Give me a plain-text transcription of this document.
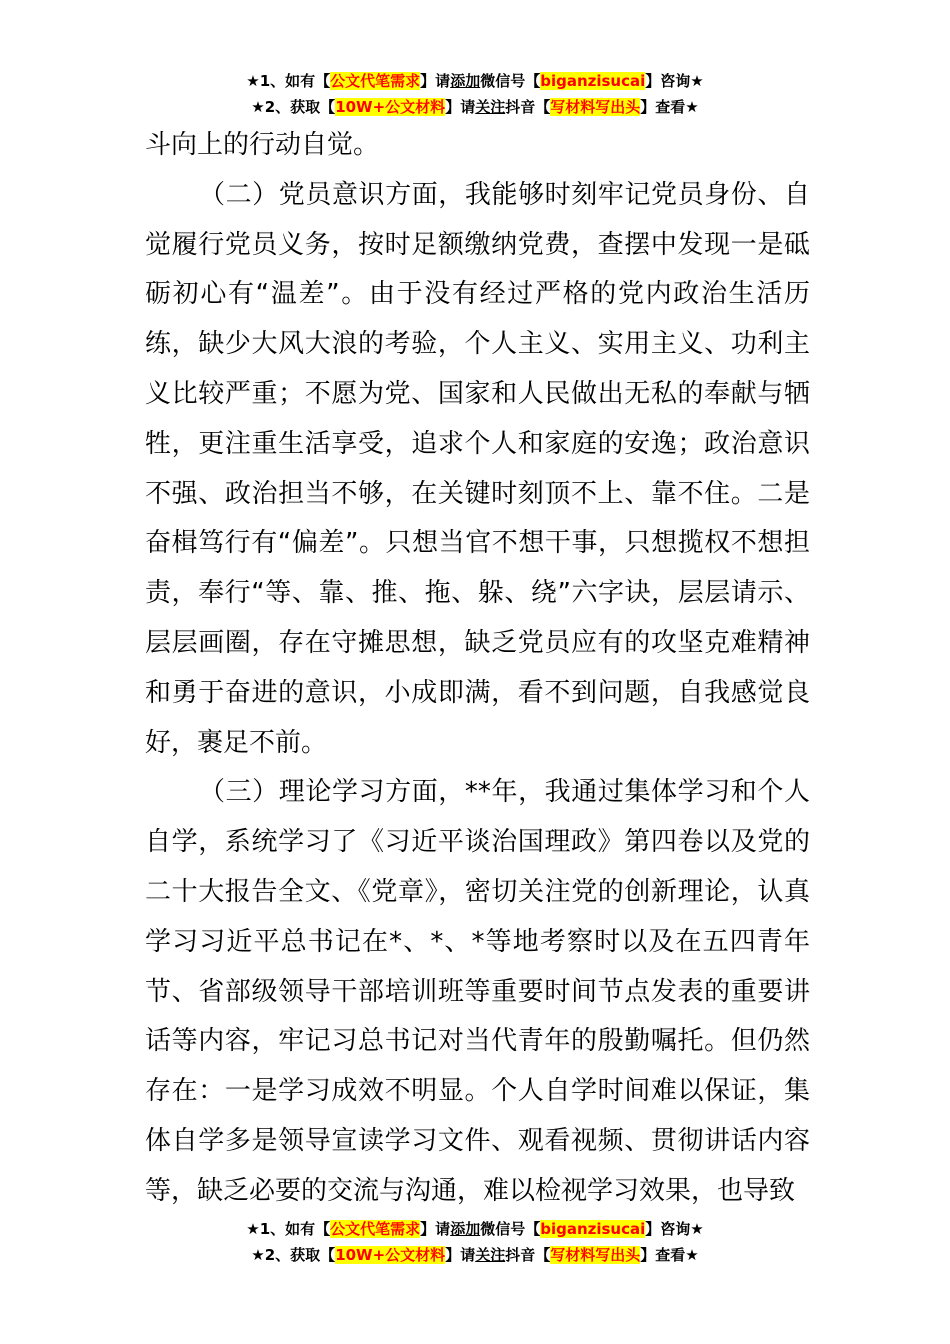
★1、如有【公文代笔需求】请添加微信号【biganzisucai】咨询★
★2、获取【10W+公文材料】请关注抖音【写材料写出头】查看★

斗向上的行动自觉。

（二）党员意识方面，我能够时刻牢记党员身份、自觉履行党员义务，按时足额缴纳党费，查摆中发现一是砥砺初心有“温差”。由于没有经过严格的党内政治生活历练，缺少大风大浪的考验，个人主义、实用主义、功利主义比较严重；不愿为党、国家和人民做出无私的奉献与牺牲，更注重生活享受，追求个人和家庭的安逸；政治意识不强、政治担当不够，在关键时刻顶不上、靠不住。二是奋楫笃行有“偏差”。只想当官不想干事，只想揽权不想担责，奉行“等、靠、推、拖、躲、绕”六字诀，层层请示、层层画圈，存在守摊思想，缺乏党员应有的攻坚克难精神和勇于奋进的意识，小成即满，看不到问题，自我感觉良好，裹足不前。

（三）理论学习方面，**年，我通过集体学习和个人自学，系统学习了《习近平谈治国理政》第四卷以及党的二十大报告全文、《党章》，密切关注党的创新理论，认真学习习近平总书记在*、*、*等地考察时以及在五四青年节、省部级领导干部培训班等重要时间节点发表的重要讲话等内容，牢记习总书记对当代青年的殷勤嘱托。但仍然存在：一是学习成效不明显。个人自学时间难以保证，集体自学多是领导宣读学习文件、观看视频、贯彻讲话内容等，缺乏必要的交流与沟通，难以检视学习效果，也导致

★1、如有【公文代笔需求】请添加微信号【biganzisucai】咨询★
★2、获取【10W+公文材料】请关注抖音【写材料写出头】查看★
